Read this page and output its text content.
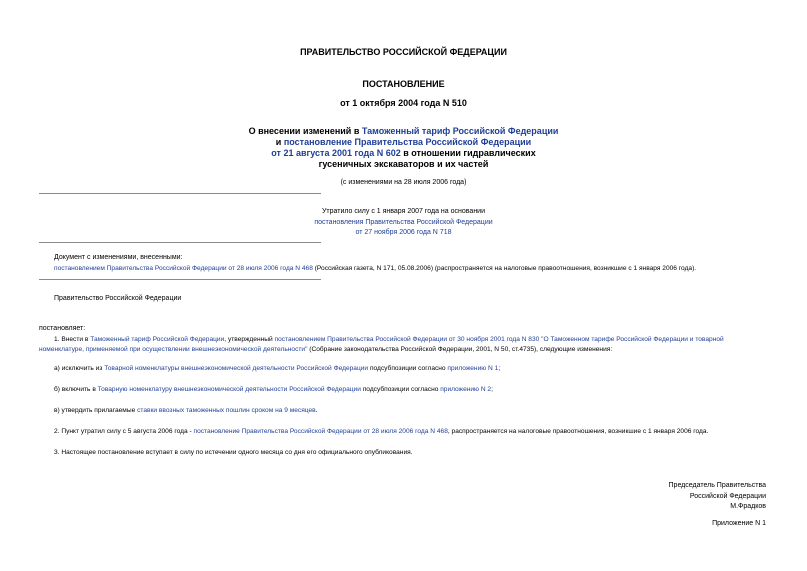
ПРАВИТЕЛЬСТВО РОССИЙСКОЙ ФЕДЕРАЦИИ
ПОСТАНОВЛЕНИЕ
от 1 октября 2004 года N 510
О внесении изменений в Таможенный тариф Российской Федерации
и постановление Правительства Российской Федерации
от 21 августа 2001 года N 602 в отношении гидравлических
гусеничных экскаваторов и их частей
(с изменениями на 28 июля 2006 года)
Утратило силу с 1 января 2007 года на основании
постановления Правительства Российской Федерации
от 27 ноября 2006 года N 718
Документ с изменениями, внесенными:
постановлением Правительства Российской Федерации от 28 июля 2006 года N 468 (Российская газета, N 171, 05.08.2006) (распространяется на налоговые правоотношения, возникшие с 1 января 2006 года).
Правительство Российской Федерации
постановляет:
1. Внести в Таможенный тариф Российской Федерации, утвержденный постановлением Правительства Российской Федерации от 30 ноября 2001 года N 830 "О Таможенном тарифе Российской Федерации и товарной номенклатуре, применяемой при осуществлении внешнеэкономической деятельности" (Собрание законодательства Российской Федерации, 2001, N 50, ст.4735), следующие изменения:
а) исключить из Товарной номенклатуры внешнеэкономической деятельности Российской Федерации подсубпозиции согласно приложению N 1;
б) включить в Товарную номенклатуру внешнеэкономической деятельности Российской Федерации подсубпозиции согласно приложению N 2;
в) утвердить прилагаемые ставки ввозных таможенных пошлин сроком на 9 месяцев.
2. Пункт утратил силу с 5 августа 2006 года - постановление Правительства Российской Федерации от 28 июля 2006 года N 468, распространяется на налоговые правоотношения, возникшие с 1 января 2006 года.
3. Настоящее постановление вступает в силу по истечении одного месяца со дня его официального опубликования.
Председатель Правительства
Российской Федерации
М.Фрадков
Приложение N 1
